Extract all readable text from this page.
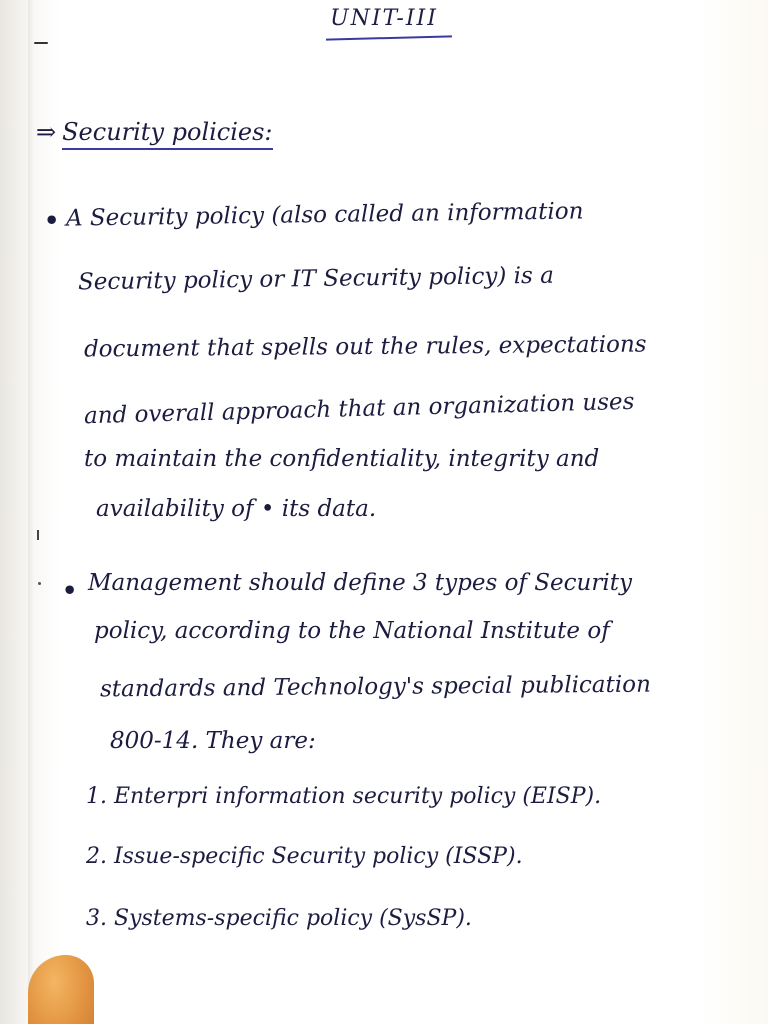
UNIT-III
⇒ Security policies:
• A Security policy (also called an information
Security policy or IT Security policy) is a
document that spells out the rules, expectations
and overall approach that an organization uses
to maintain the confidentiality, integrity and
availability of • its data.
• Management should define 3 types of Security
policy, according to the National Institute of
standards and Technology's special publication
800-14. They are:
1. Enterpri information security policy (EISP).
2. Issue-specific Security policy (ISSP).
3. Systems-specific policy (SysSP).
